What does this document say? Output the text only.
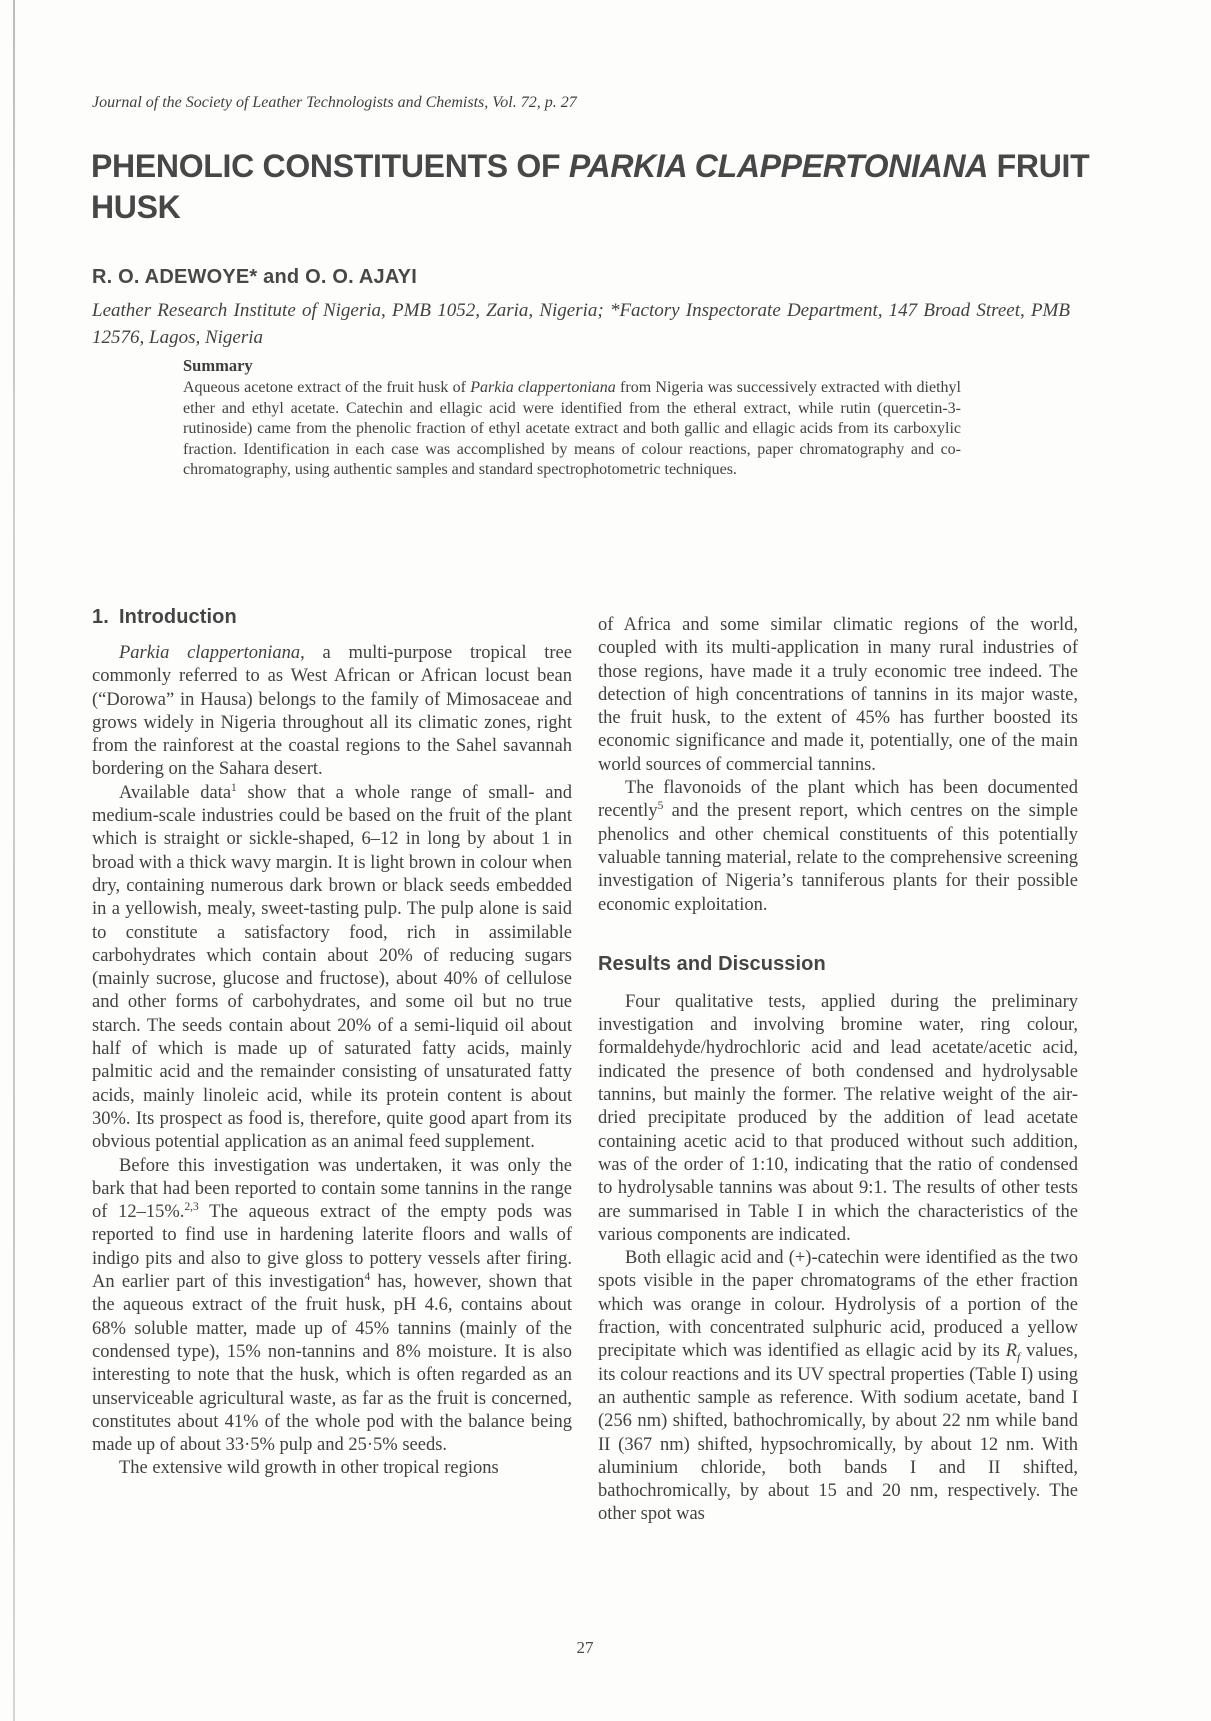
Journal of the Society of Leather Technologists and Chemists, Vol. 72, p. 27
PHENOLIC CONSTITUENTS OF PARKIA CLAPPERTONIANA FRUIT HUSK
R. O. ADEWOYE* and O. O. AJAYI
Leather Research Institute of Nigeria, PMB 1052, Zaria, Nigeria; *Factory Inspectorate Department, 147 Broad Street, PMB 12576, Lagos, Nigeria
Summary

Aqueous acetone extract of the fruit husk of Parkia clappertoniana from Nigeria was successively extracted with diethyl ether and ethyl acetate. Catechin and ellagic acid were identified from the etheral extract, while rutin (quercetin-3-rutinoside) came from the phenolic fraction of ethyl acetate extract and both gallic and ellagic acids from its carboxylic fraction. Identification in each case was accomplished by means of colour reactions, paper chromatography and co-chromatography, using authentic samples and standard spectrophotometric techniques.

1. Introduction

Parkia clappertoniana, a multi-purpose tropical tree commonly referred to as West African or African locust bean (“Dorowa” in Hausa) belongs to the family of Mimosaceae and grows widely in Nigeria throughout all its climatic zones, right from the rainforest at the coastal regions to the Sahel savannah bordering on the Sahara desert.

Available data$^1$ show that a whole range of small- and medium-scale industries could be based on the fruit of the plant which is straight or sickle-shaped, 6–12 in long by about 1 in broad with a thick wavy margin. It is light brown in colour when dry, containing numerous dark brown or black seeds embedded in a yellowish, mealy, sweet-tasting pulp. The pulp alone is said to constitute a satisfactory food, rich in assimilable carbohydrates which contain about 20% of reducing sugars (mainly sucrose, glucose and fructose), about 40% of cellulose and other forms of carbohydrates, and some oil but no true starch. The seeds contain about 20% of a semi-liquid oil about half of which is made up of saturated fatty acids, mainly palmitic acid and the remainder consisting of unsaturated fatty acids, mainly linoleic acid, while its protein content is about 30%. Its prospect as food is, therefore, quite good apart from its obvious potential application as an animal feed supplement.

Before this investigation was undertaken, it was only the bark that had been reported to contain some tannins in the range of 12–15%.$^{2,3}$ The aqueous extract of the empty pods was reported to find use in hardening laterite floors and walls of indigo pits and also to give gloss to pottery vessels after firing. An earlier part of this investigation$^4$ has, however, shown that the aqueous extract of the fruit husk, pH 4.6, contains about 68% soluble matter, made up of 45% tannins (mainly of the condensed type), 15% non-tannins and 8% moisture. It is also interesting to note that the husk, which is often regarded as an unserviceable agricultural waste, as far as the fruit is concerned, constitutes about 41% of the whole pod with the balance being made up of about 33·5% pulp and 25·5% seeds.

The extensive wild growth in other tropical regions

of Africa and some similar climatic regions of the world, coupled with its multi-application in many rural industries of those regions, have made it a truly economic tree indeed. The detection of high concentrations of tannins in its major waste, the fruit husk, to the extent of 45% has further boosted its economic significance and made it, potentially, one of the main world sources of commercial tannins.

The flavonoids of the plant which has been documented recently$^5$ and the present report, which centres on the simple phenolics and other chemical constituents of this potentially valuable tanning material, relate to the comprehensive screening investigation of Nigeria’s tanniferous plants for their possible economic exploitation.

Results and Discussion

Four qualitative tests, applied during the preliminary investigation and involving bromine water, ring colour, formaldehyde/hydrochloric acid and lead acetate/acetic acid, indicated the presence of both condensed and hydrolysable tannins, but mainly the former. The relative weight of the air-dried precipitate produced by the addition of lead acetate containing acetic acid to that produced without such addition, was of the order of 1:10, indicating that the ratio of condensed to hydrolysable tannins was about 9:1. The results of other tests are summarised in Table I in which the characteristics of the various components are indicated.

Both ellagic acid and (+)-catechin were identified as the two spots visible in the paper chromatograms of the ether fraction which was orange in colour. Hydrolysis of a portion of the fraction, with concentrated sulphuric acid, produced a yellow precipitate which was identified as ellagic acid by its $R_f$ values, its colour reactions and its UV spectral properties (Table I) using an authentic sample as reference. With sodium acetate, band I (256 nm) shifted, bathochromically, by about 22 nm while band II (367 nm) shifted, hypsochromically, by about 12 nm. With aluminium chloride, both bands I and II shifted, bathochromically, by about 15 and 20 nm, respectively. The other spot was

27
